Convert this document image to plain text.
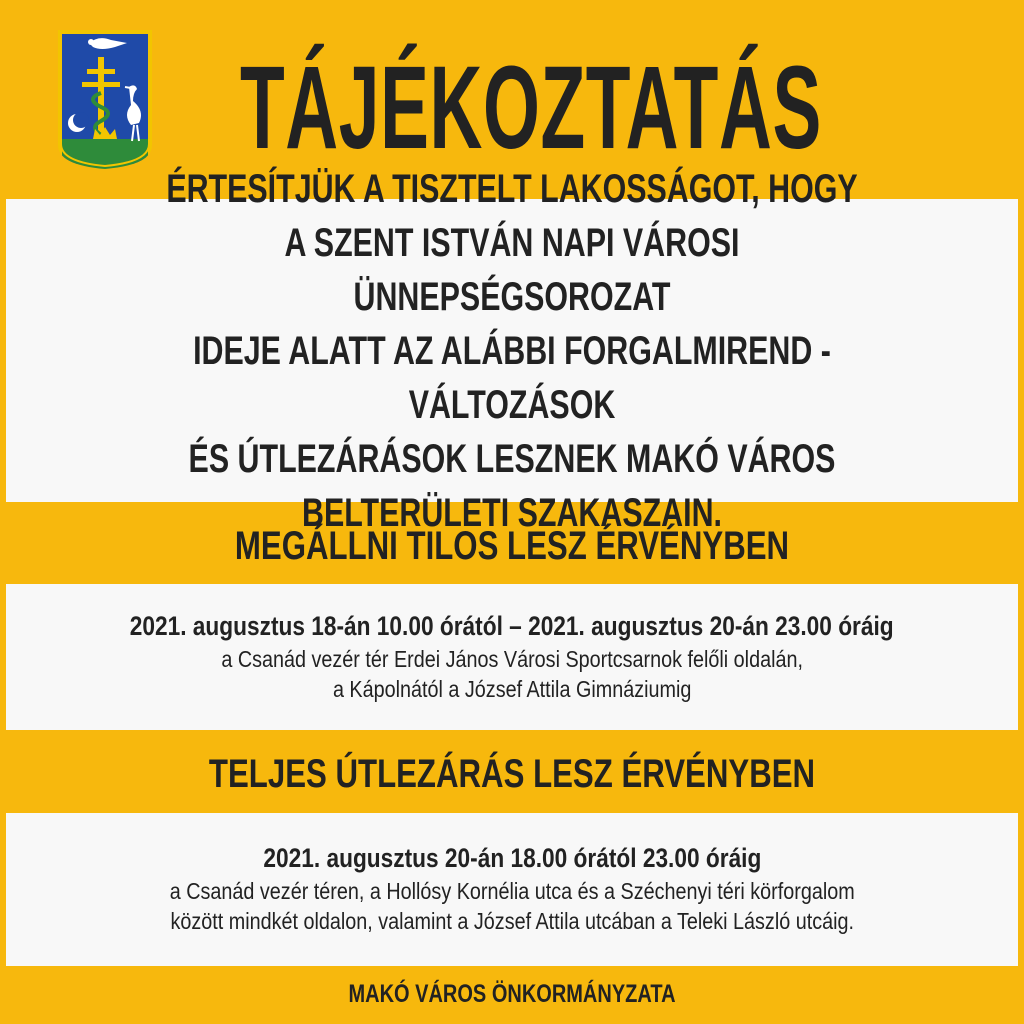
TÁJÉKOZTATÁS

ÉRTESÍTJÜK A TISZTELT LAKOSSÁGOT, HOGY
A SZENT ISTVÁN NAPI VÁROSI ÜNNEPSÉGSOROZAT
IDEJE ALATT AZ ALÁBBI FORGALMIREND - VÁLTOZÁSOK
ÉS ÚTLEZÁRÁSOK LESZNEK MAKÓ VÁROS
BELTERÜLETI SZAKASZAIN.

MEGÁLLNI TILOS LESZ ÉRVÉNYBEN

2021. augusztus 18-án 10.00 órától – 2021. augusztus 20-án 23.00 óráig

a Csanád vezér tér Erdei János Városi Sportcsarnok felőli oldalán,
a Kápolnától a József Attila Gimnáziumig

TELJES ÚTLEZÁRÁS LESZ ÉRVÉNYBEN

2021. augusztus 20-án 18.00 órától 23.00 óráig

a Csanád vezér téren, a Hollósy Kornélia utca és a Széchenyi téri körforgalom
között mindkét oldalon, valamint a József Attila utcában a Teleki László utcáig.

MAKÓ VÁROS ÖNKORMÁNYZATA
